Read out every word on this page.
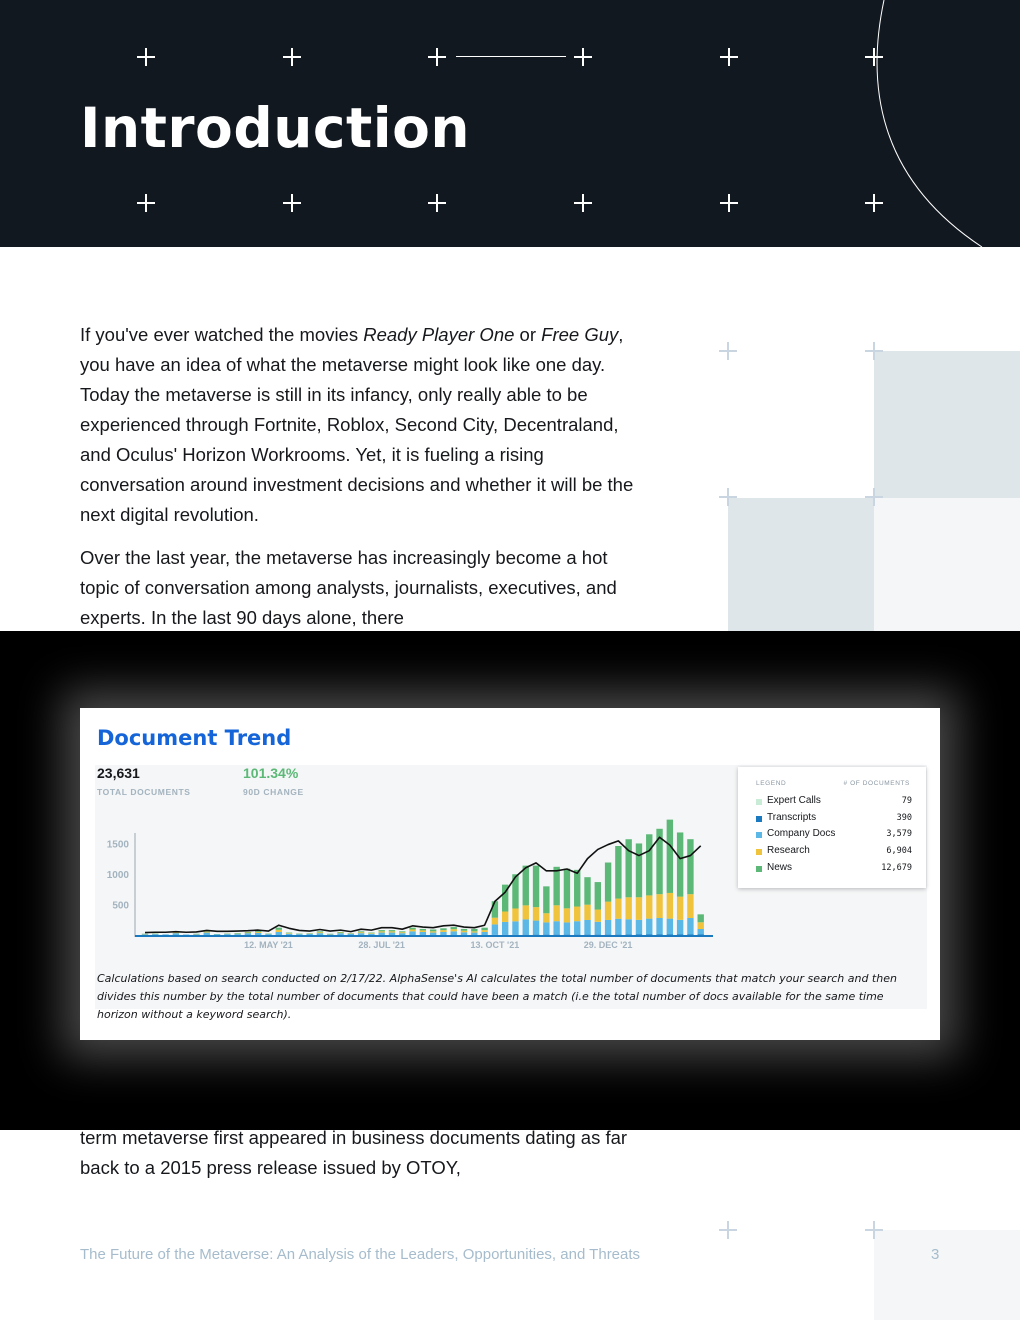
Introduction

If you've ever watched the movies Ready Player One or Free Guy, you have an idea of what the metaverse might look like one day. Today the metaverse is still in its infancy, only really able to be experienced through Fortnite, Roblox, Second City, Decentraland, and Oculus' Horizon Workrooms. Yet, it is fueling a rising conversation around investment decisions and whether it will be the next digital revolution.

Over the last year, the metaverse has increasingly become a hot topic of conversation among analysts, journalists, executives, and experts. In the last 90 days alone, there

Document Trend
23,631
TOTAL DOCUMENTS
101.34%
90D CHANGE
1500
1000
500
12. MAY '21	28. JUL '21	13. OCT '21	29. DEC '21
LEGEND	# OF DOCUMENTS
Expert Calls	79
Transcripts	390
Company Docs	3,579
Research	6,904
News	12,679

Calculations based on search conducted on 2/17/22. AlphaSense's AI calculates the total number of documents that match your search and then divides this number by the total number of documents that could have been a match (i.e the total number of docs available for the same time horizon without a keyword search).

term metaverse first appeared in business documents dating as far back to a 2015 press release issued by OTOY,

The Future of the Metaverse: An Analysis of the Leaders, Opportunities, and Threats	3
